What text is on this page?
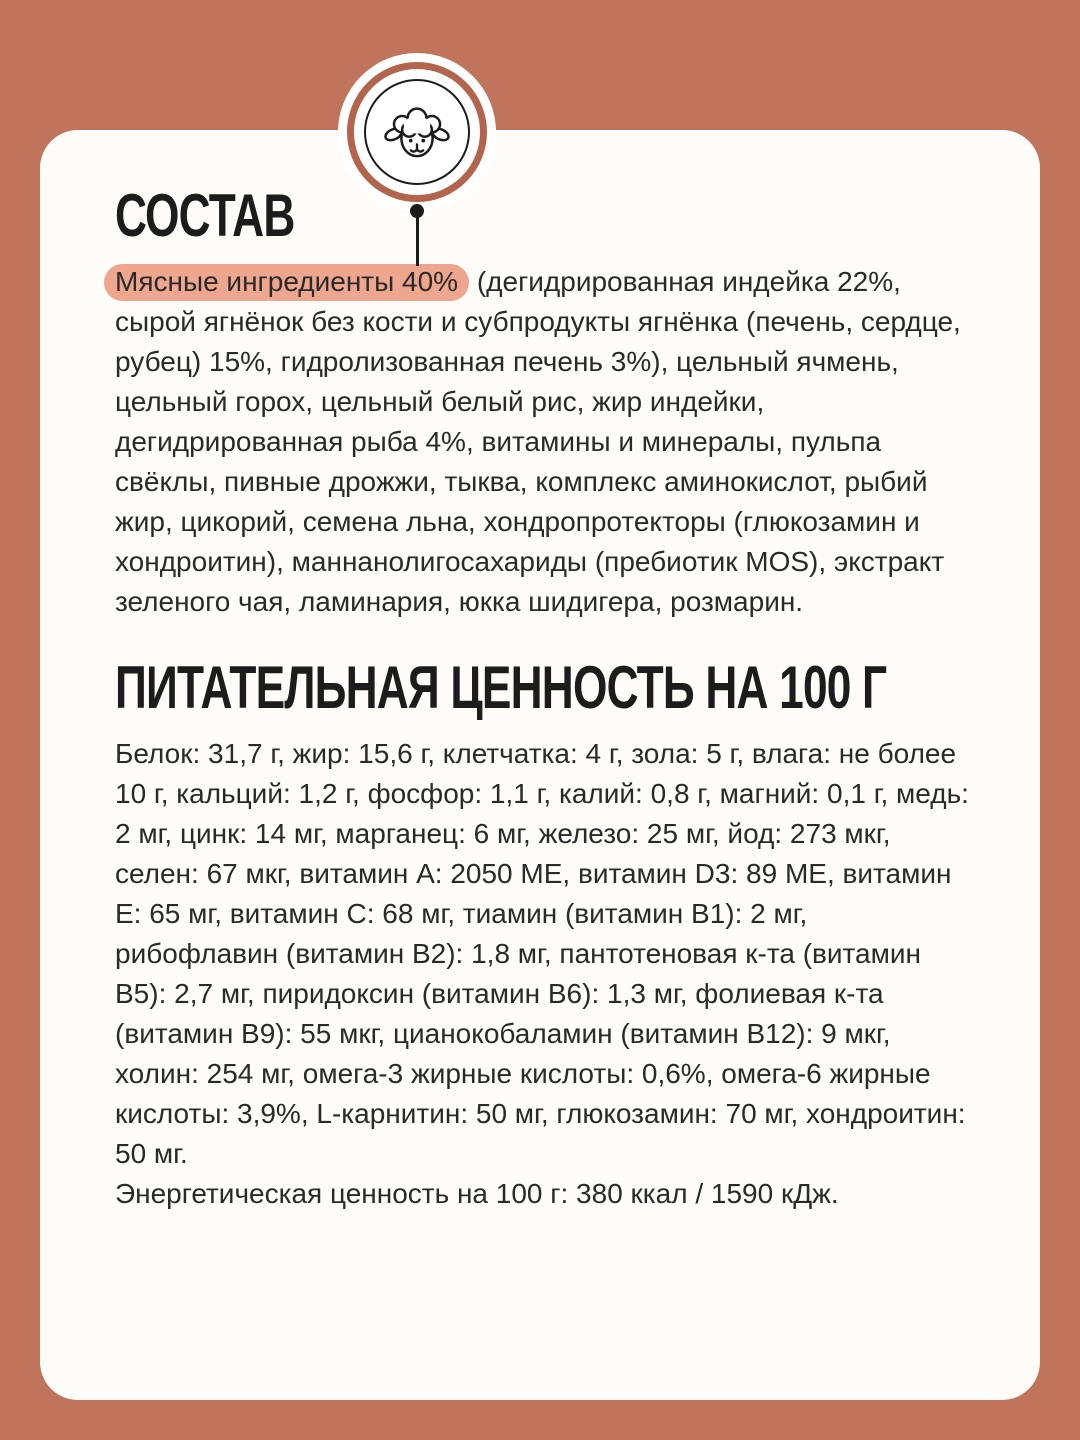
СОСТАВ

Мясные ингредиенты 40% (дегидрированная индейка 22%, сырой ягнёнок без кости и субпродукты ягнёнка (печень, сердце, рубец) 15%, гидролизованная печень 3%), цельный ячмень, цельный горох, цельный белый рис, жир индейки, дегидрированная рыба 4%, витамины и минералы, пульпа свёклы, пивные дрожжи, тыква, комплекс аминокислот, рыбий жир, цикорий, семена льна, хондропротекторы (глюкозамин и хондроитин), маннанолигосахариды (пребиотик MOS), экстракт зеленого чая, ламинария, юкка шидигера, розмарин.

ПИТАТЕЛЬНАЯ ЦЕННОСТЬ НА 100 Г

Белок: 31,7 г, жир: 15,6 г, клетчатка: 4 г, зола: 5 г, влага: не более 10 г, кальций: 1,2 г, фосфор: 1,1 г, калий: 0,8 г, магний: 0,1 г, медь: 2 мг, цинк: 14 мг, марганец: 6 мг, железо: 25 мг, йод: 273 мкг, селен: 67 мкг, витамин A: 2050 МЕ, витамин D3: 89 МЕ, витамин E: 65 мг, витамин C: 68 мг, тиамин (витамин B1): 2 мг, рибофлавин (витамин B2): 1,8 мг, пантотеновая к-та (витамин B5): 2,7 мг, пиридоксин (витамин B6): 1,3 мг, фолиевая к-та (витамин B9): 55 мкг, цианокобаламин (витамин B12): 9 мкг, холин: 254 мг, омега-3 жирные кислоты: 0,6%, омега-6 жирные кислоты: 3,9%, L-карнитин: 50 мг, глюкозамин: 70 мг, хондроитин: 50 мг.

Энергетическая ценность на 100 г: 380 ккал / 1590 кДж.
